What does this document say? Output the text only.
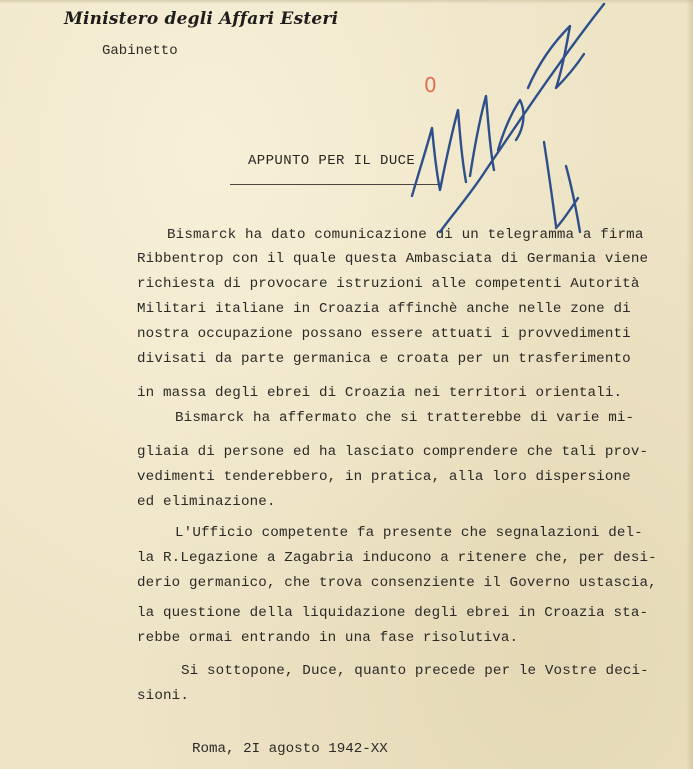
Ministero degli Affari Esteri
Gabinetto
APPUNTO PER IL DUCE
Bismarck ha dato comunicazione di un telegramma a firma
Ribbentrop con il quale questa Ambasciata di Germania viene
richiesta di provocare istruzioni alle competenti Autorità
Militari italiane in Croazia affinchè anche nelle zone di
nostra occupazione possano essere attuati i provvedimenti
divisati da parte germanica e croata per un trasferimento
in massa degli ebrei di Croazia nei territori orientali.
Bismarck ha affermato che si tratterebbe di varie mi-
gliaia di persone ed ha lasciato comprendere che tali prov-
vedimenti tenderebbero, in pratica, alla loro dispersione
ed eliminazione.
L'Ufficio competente fa presente che segnalazioni del-
la R.Legazione a Zagabria inducono a ritenere che, per desi-
derio germanico, che trova consenziente il Governo ustascia,
la questione della liquidazione degli ebrei in Croazia sta-
rebbe ormai entrando in una fase risolutiva.
Si sottopone, Duce, quanto precede per le Vostre deci-
sioni.
Roma, 2I agosto 1942-XX
0
